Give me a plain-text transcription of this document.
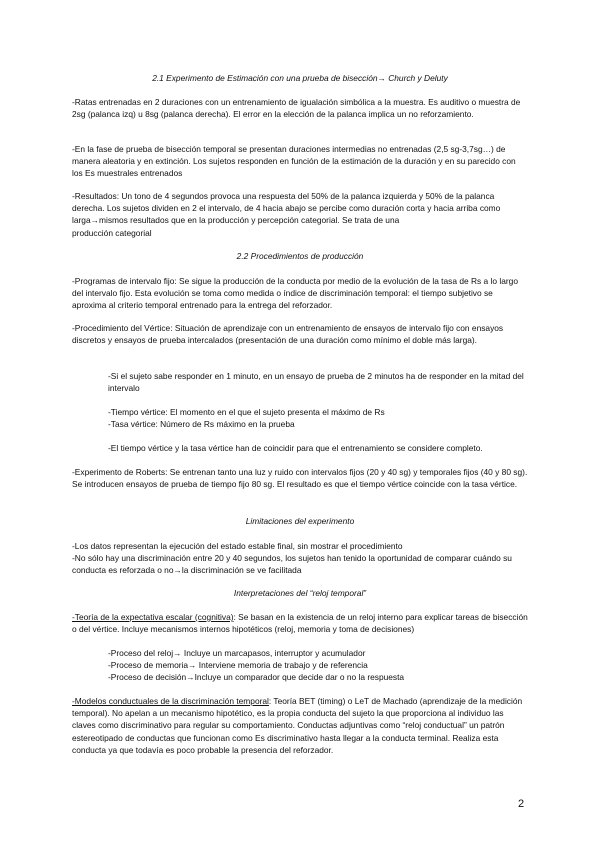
2.1 Experimento de Estimación con una prueba de bisección→ Church y Deluty

-Ratas entrenadas en 2 duraciones con un entrenamiento de igualación simbólica a la muestra. Es auditivo o muestra de 2sg (palanca izq) u 8sg (palanca derecha). El error en la elección de la palanca implica un no reforzamiento.

-En la fase de prueba de bisección temporal se presentan duraciones intermedias no entrenadas (2,5 sg-3,7sg…) de manera aleatoria y en extinción. Los sujetos responden en función de la estimación de la duración y en su parecido con los Es muestrales entrenados

-Resultados: Un tono de 4 segundos provoca una respuesta del 50% de la palanca izquierda y 50% de la palanca derecha. Los sujetos dividen en 2 el intervalo, de 4 hacia abajo se percibe como duración corta y hacia arriba como larga→mismos resultados que en la producción y percepción categorial. Se trata de una

producción categorial

2.2 Procedimientos de producción

-Programas de intervalo fijo: Se sigue la producción de la conducta por medio de la evolución de la tasa de Rs a lo largo del intervalo fijo. Esta evolución se toma como medida o índice de discriminación temporal: el tiempo subjetivo se aproxima al criterio temporal entrenado para la entrega del reforzador.

-Procedimiento del Vértice: Situación de aprendizaje con un entrenamiento de ensayos de intervalo fijo con ensayos discretos y ensayos de prueba intercalados (presentación de una duración como mínimo el doble más larga).

-Si el sujeto sabe responder en 1 minuto, en un ensayo de prueba de 2 minutos ha de responder en la mitad del intervalo

-Tiempo vértice: El momento en el que el sujeto presenta el máximo de Rs

-Tasa vértice: Número de Rs máximo en la prueba

-El tiempo vértice y la tasa vértice han de coincidir para que el entrenamiento se considere completo.

-Experimento de Roberts: Se entrenan tanto una luz y ruido con intervalos fijos (20 y 40 sg) y temporales fijos (40 y 80 sg). Se introducen ensayos de prueba de tiempo fijo 80 sg. El resultado es que el tiempo vértice coincide con la tasa vértice.

Limitaciones del experimento

-Los datos representan la ejecución del estado estable final, sin mostrar el procedimiento

-No sólo hay una discriminación entre 20 y 40 segundos, los sujetos han tenido la oportunidad de comparar cuándo su conducta es reforzada o no→la discriminación se ve facilitada

Interpretaciones del “reloj temporal”

-Teoría de la expectativa escalar (cognitiva): Se basan en la existencia de un reloj interno para explicar tareas de bisección o del vértice. Incluye mecanismos internos hipotéticos (reloj, memoria y toma de decisiones)

-Proceso del reloj→ Incluye un marcapasos, interruptor y acumulador

-Proceso de memoria→ Interviene memoria de trabajo y de referencia

-Proceso de decisión→Incluye un comparador que decide dar o no la respuesta

-Modelos conductuales de la discriminación temporal: Teoría BET (timing) o LeT de Machado (aprendizaje de la medición temporal). No apelan a un mecanismo hipotético, es la propia conducta del sujeto la que proporciona al individuo las claves como discriminativo para regular su comportamiento. Conductas adjuntivas como “reloj conductual” un patrón estereotipado de conductas que funcionan como Es discriminativo hasta llegar a la conducta terminal. Realiza esta conducta ya que todavía es poco probable la presencia del reforzador.

2
